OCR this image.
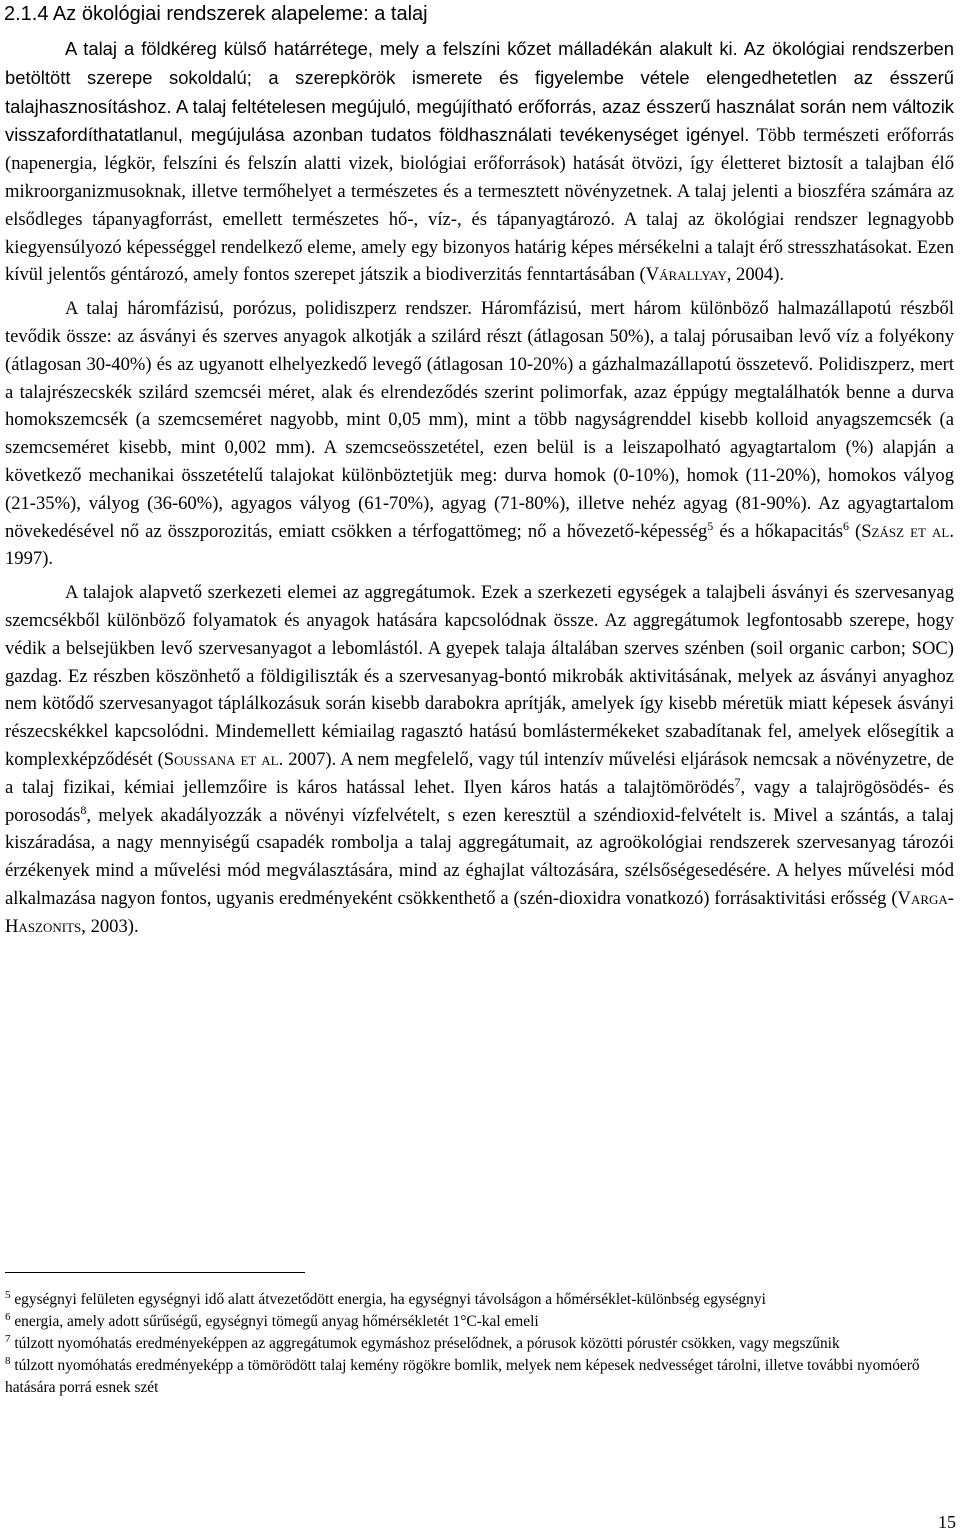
2.1.4 Az ökológiai rendszerek alapeleme: a talaj

A talaj a földkéreg külső határrétege, mely a felszíni kőzet málladékán alakult ki. Az ökológiai rendszerben betöltött szerepe sokoldalú; a szerepkörök ismerete és figyelembe vétele elengedhetetlen az ésszerű talajhasznosításhoz. A talaj feltételesen megújuló, megújítható erőforrás, azaz ésszerű használat során nem változik visszafordíthatatlanul, megújulása azonban tudatos földhasználati tevékenységet igényel. Több természeti erőforrás (napenergia, légkör, felszíni és felszín alatti vizek, biológiai erőforrások) hatását ötvözi, így életteret biztosít a talajban élő mikroorganizmusoknak, illetve termőhelyet a természetes és a termesztett növényzetnek. A talaj jelenti a bioszféra számára az elsődleges tápanyagforrást, emellett természetes hő-, víz-, és tápanyagtározó. A talaj az ökológiai rendszer legnagyobb kiegyensúlyozó képességgel rendelkező eleme, amely egy bizonyos határig képes mérsékelni a talajt érő stresszhatásokat. Ezen kívül jelentős géntározó, amely fontos szerepet játszik a biodiverzitás fenntartásában (Várallyay, 2004).

A talaj háromfázisú, porózus, polidiszperz rendszer. Háromfázisú, mert három különböző halmazállapotú részből tevődik össze: az ásványi és szerves anyagok alkotják a szilárd részt (átlagosan 50%), a talaj pórusaiban levő víz a folyékony (átlagosan 30-40%) és az ugyanott elhelyezkedő levegő (átlagosan 10-20%) a gázhalmazállapotú összetevő. Polidiszperz, mert a talajrészecskék szilárd szemcséi méret, alak és elrendeződés szerint polimorfak, azaz éppúgy megtalálhatók benne a durva homokszemcsék (a szemcseméret nagyobb, mint 0,05 mm), mint a több nagyságrenddel kisebb kolloid anyagszemcsék (a szemcseméret kisebb, mint 0,002 mm). A szemcseösszetétel, ezen belül is a leiszapolható agyagtartalom (%) alapján a következő mechanikai összetételű talajokat különböztetjük meg: durva homok (0-10%), homok (11-20%), homokos vályog (21-35%), vályog (36-60%), agyagos vályog (61-70%), agyag (71-80%), illetve nehéz agyag (81-90%). Az agyagtartalom növekedésével nő az összporozitás, emiatt csökken a térfogattömeg; nő a hővezető-képesség$^5$ és a hőkapacitás$^6$ (Szász et al. 1997).

A talajok alapvető szerkezeti elemei az aggregátumok. Ezek a szerkezeti egységek a talajbeli ásványi és szervesanyag szemcsékből különböző folyamatok és anyagok hatására kapcsolódnak össze. Az aggregátumok legfontosabb szerepe, hogy védik a belsejükben levő szervesanyagot a lebomlástól. A gyepek talaja általában szerves szénben (soil organic carbon; SOC) gazdag. Ez részben köszönhető a földigiliszták és a szervesanyag-bontó mikrobák aktivitásának, melyek az ásványi anyaghoz nem kötődő szervesanyagot táplálkozásuk során kisebb darabokra aprítják, amelyek így kisebb méretük miatt képesek ásványi részecskékkel kapcsolódni. Mindemellett kémiailag ragasztó hatású bomlástermékeket szabadítanak fel, amelyek elősegítik a komplexképződését (Soussana et al. 2007). A nem megfelelő, vagy túl intenzív művelési eljárások nemcsak a növényzetre, de a talaj fizikai, kémiai jellemzőire is káros hatással lehet. Ilyen káros hatás a talajtömörödés$^7$, vagy a talajrögösödés- és porosodás$^8$, melyek akadályozzák a növényi vízfelvételt, s ezen keresztül a széndioxid-felvételt is. Mivel a szántás, a talaj kiszáradása, a nagy mennyiségű csapadék rombolja a talaj aggregátumait, az agroökológiai rendszerek szervesanyag tározói érzékenyek mind a művelési mód megválasztására, mind az éghajlat változására, szélsőségesedésére. A helyes művelési mód alkalmazása nagyon fontos, ugyanis eredményeként csökkenthető a (szén-dioxidra vonatkozó) forrásaktivitási erősség (Varga-Haszonits, 2003).

$^5$ egységnyi felületen egységnyi idő alatt átvezetődött energia, ha egységnyi távolságon a hőmérséklet-különbség egységnyi

$^6$ energia, amely adott sűrűségű, egységnyi tömegű anyag hőmérsékletét 1°C-kal emeli

$^7$ túlzott nyomóhatás eredményeképpen az aggregátumok egymáshoz préselődnek, a pórusok közötti pórustér csökken, vagy megszűnik

$^8$ túlzott nyomóhatás eredményeképp a tömörödött talaj kemény rögökre bomlik, melyek nem képesek nedvességet tárolni, illetve további nyomóerő hatására porrá esnek szét

15
